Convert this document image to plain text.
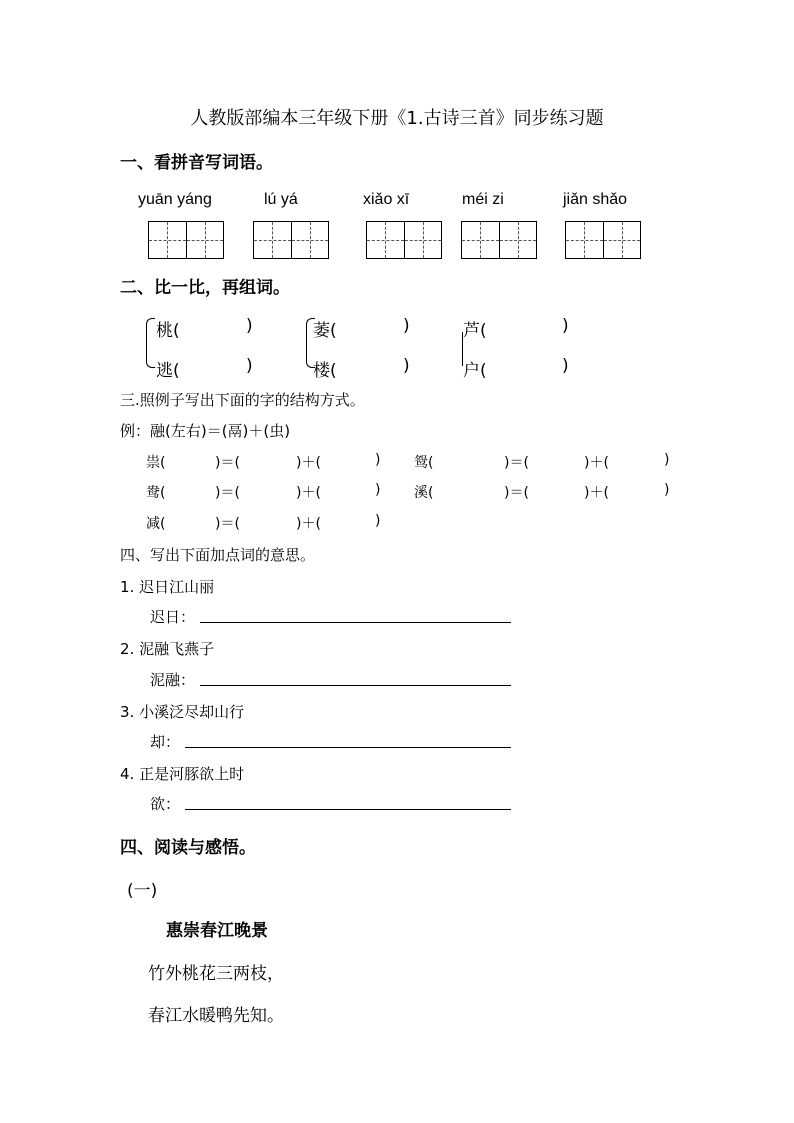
人教版部编本三年级下册《1.古诗三首》同步练习题
一、看拼音写词语。
yuān yáng	lú yá	xiǎo xī	méi zi	jiǎn shǎo
二、比一比，再组词。
桃(	)
逃(	)
萎(	)
楼(	)
芦(	)
户(	)
三.照例子写出下面的字的结构方式。
例：融(左右)＝(鬲)＋(虫)
祟(	)＝(	)＋(	) 鸳(	)＝(	)＋(	)
鸯(	)＝(	)＋(	) 溪(	)＝(	)＋(	)
减(	)＝(	)＋(	)
四、写出下面加点词的意思。
1. 迟日江山丽
迟日：
2. 泥融飞燕子
泥融：
3. 小溪泛尽却山行
却：
4. 正是河豚欲上时
欲：
四、阅读与感悟。
(一)
惠崇春江晚景
竹外桃花三两枝，
春江水暖鸭先知。
